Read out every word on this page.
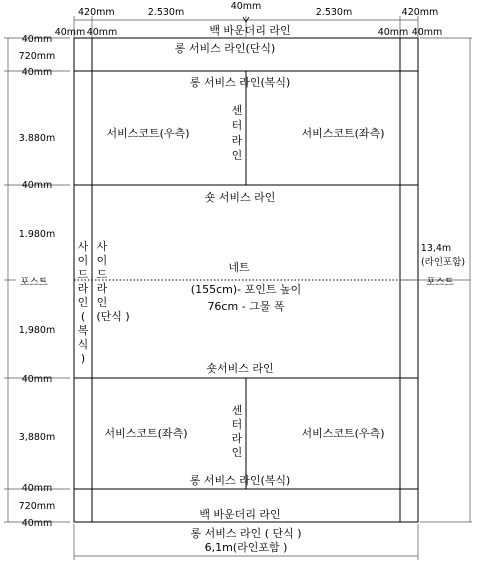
420mm	2.530m
40mm
2.530m	420mm
40mm 40mm	40mm 40mm
40mm
720mm
40mm
3.880m
40mm
1.980m
포스트
1,980m
40mm
3,880m
40mm
720mm
40mm
13,4m
(라인포함)
포스트
백 바운더리 라인
롱 서비스 라인(단식)
롱 서비스 라인(복식)
서비스코트(우측)	서비스코트(좌측)
센
터
라
인
숏 서비스 라인
사
이
드
라
인
(
복
식
)
사
이
드
라
인
(단식 )
네트
(155cm)- 포인트 높이
76cm - 그물 폭
숏서비스 라인
서비스코트(좌측)	서비스코트(우측)
센
터
라
인
롱 서비스 라인(복식)
백 바운더리 라인
롱 서비스 라인 ( 단식 )
6,1m(라인포함 )
